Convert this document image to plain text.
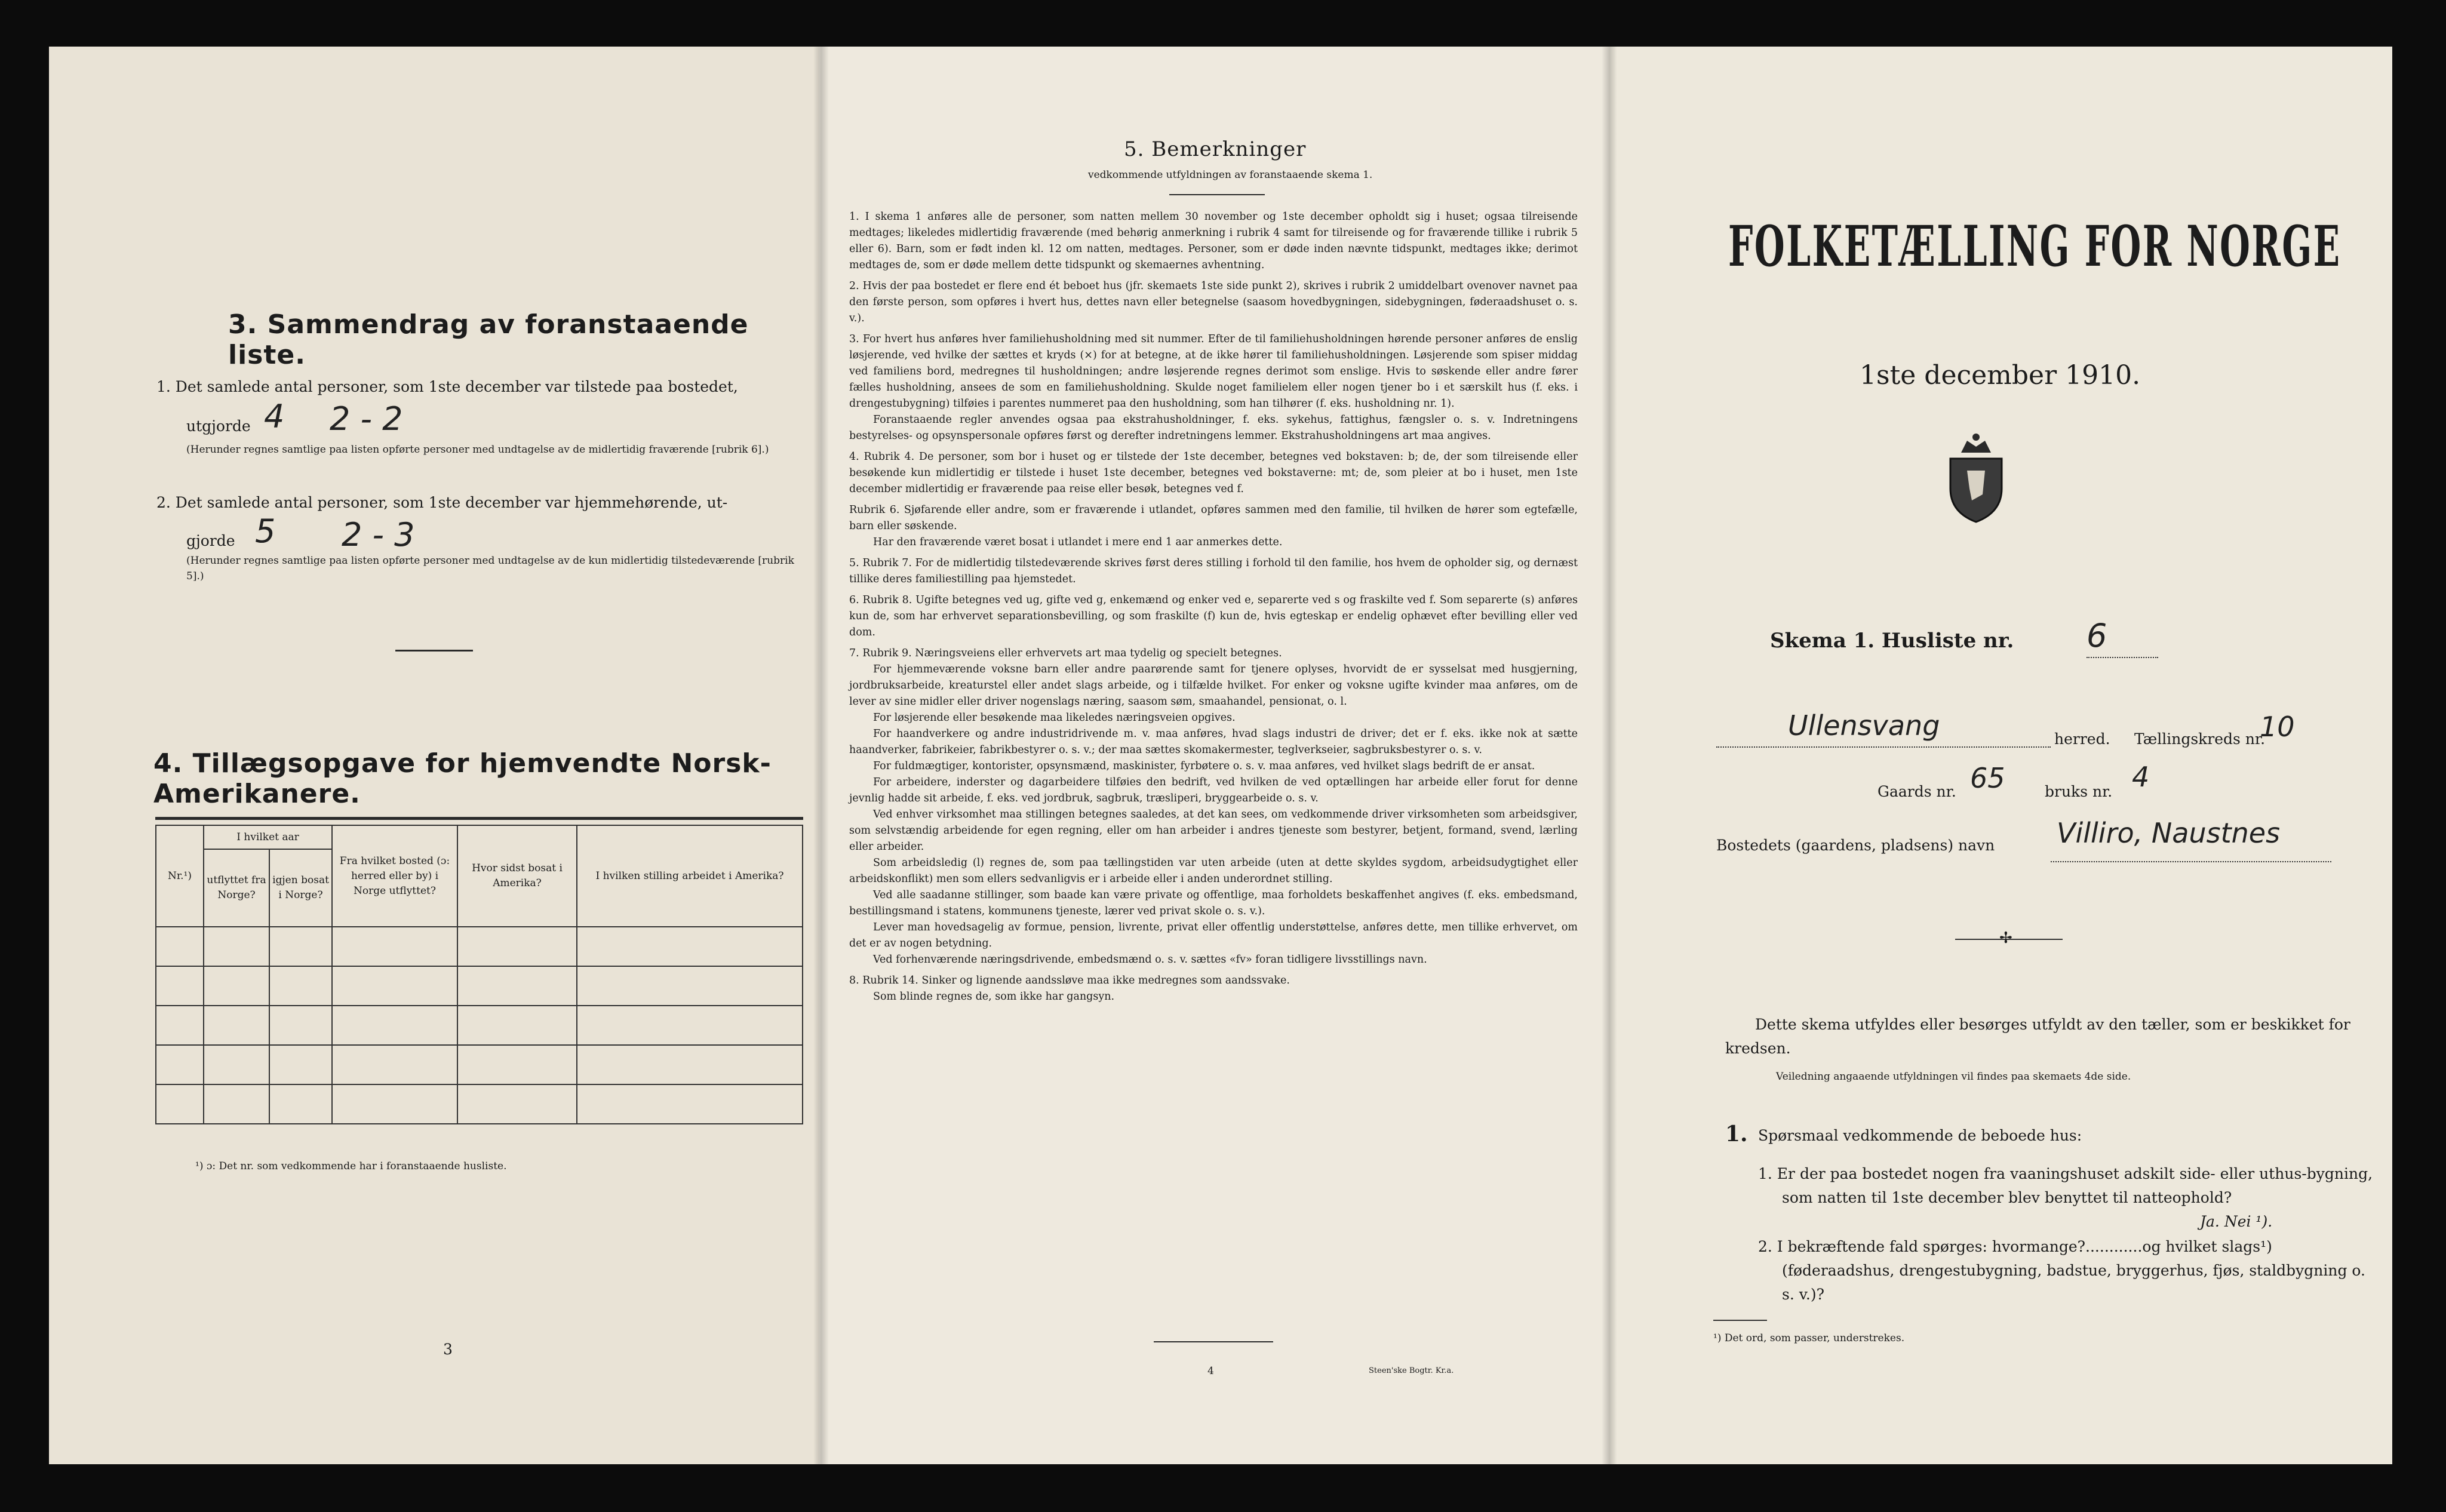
3. Sammendrag av foranstaaende liste.
1. Det samlede antal personer, som 1ste december var tilstede paa bostedet,
utgjorde 4 2 - 2
(Herunder regnes samtlige paa listen opførte personer med undtagelse av de midlertidig fraværende [rubrik 6].)
2. Det samlede antal personer, som 1ste december var hjemmehørende, ut-
gjorde 5 2 - 3
(Herunder regnes samtlige paa listen opførte personer med undtagelse av de kun midlertidig tilstedeværende [rubrik 5].)
4. Tillægsopgave for hjemvendte Norsk-Amerikanere.
Nr.¹)	I hvilket aar		Fra hvilket bosted (ɔ: herred eller by) i Norge utflyttet?	Hvor sidst bosat i Amerika?	I hvilken stilling arbeidet i Amerika?
	utflyttet fra Norge?	igjen bosat i Norge?			

¹) ɔ: Det nr. som vedkommende har i foranstaaende husliste.
3
5. Bemerkninger
vedkommende utfyldningen av foranstaaende skema 1.

1. I skema 1 anføres alle de personer, som natten mellem 30 november og 1ste december opholdt sig i huset; ogsaa tilreisende medtages; likeledes midlertidig fraværende (med behørig anmerkning i rubrik 4 samt for tilreisende og for fraværende tillike i rubrik 5 eller 6). Barn, som er født inden kl. 12 om natten, medtages. Personer, som er døde inden nævnte tidspunkt, medtages ikke; derimot medtages de, som er døde mellem dette tidspunkt og skemaernes avhentning.

2. Hvis der paa bostedet er flere end ét beboet hus (jfr. skemaets 1ste side punkt 2), skrives i rubrik 2 umiddelbart ovenover navnet paa den første person, som opføres i hvert hus, dettes navn eller betegnelse (saasom hovedbygningen, sidebygningen, føderaadshuset o. s. v.).

3. For hvert hus anføres hver familiehusholdning med sit nummer. Efter de til familiehusholdningen hørende personer anføres de enslig løsjerende, ved hvilke der sættes et kryds (×) for at betegne, at de ikke hører til familiehusholdningen. Løsjerende som spiser middag ved familiens bord, medregnes til husholdningen; andre løsjerende regnes derimot som enslige. Hvis to søskende eller andre fører fælles husholdning, ansees de som en familiehusholdning. Skulde noget familielem eller nogen tjener bo i et særskilt hus (f. eks. i drengestubygning) tilføies i parentes nummeret paa den husholdning, som han tilhører (f. eks. husholdning nr. 1).

Foranstaaende regler anvendes ogsaa paa ekstrahusholdninger, f. eks. sykehus, fattighus, fængsler o. s. v. Indretningens bestyrelses- og opsynspersonale opføres først og derefter indretningens lemmer. Ekstrahusholdningens art maa angives.

4. Rubrik 4. De personer, som bor i huset og er tilstede der 1ste december, betegnes ved bokstaven: b; de, der som tilreisende eller besøkende kun midlertidig er tilstede i huset 1ste december, betegnes ved bokstaverne: mt; de, som pleier at bo i huset, men 1ste december midlertidig er fraværende paa reise eller besøk, betegnes ved f.

Rubrik 6. Sjøfarende eller andre, som er fraværende i utlandet, opføres sammen med den familie, til hvilken de hører som egtefælle, barn eller søskende.

Har den fraværende været bosat i utlandet i mere end 1 aar anmerkes dette.

5. Rubrik 7. For de midlertidig tilstedeværende skrives først deres stilling i forhold til den familie, hos hvem de opholder sig, og dernæst tillike deres familiestilling paa hjemstedet.

6. Rubrik 8. Ugifte betegnes ved ug, gifte ved g, enkemænd og enker ved e, separerte ved s og fraskilte ved f. Som separerte (s) anføres kun de, som har erhvervet separationsbevilling, og som fraskilte (f) kun de, hvis egteskap er endelig ophævet efter bevilling eller ved dom.

7. Rubrik 9. Næringsveiens eller erhvervets art maa tydelig og specielt betegnes.

For hjemmeværende voksne barn eller andre paarørende samt for tjenere oplyses, hvorvidt de er sysselsat med husgjerning, jordbruksarbeide, kreaturstel eller andet slags arbeide, og i tilfælde hvilket. For enker og voksne ugifte kvinder maa anføres, om de lever av sine midler eller driver nogenslags næring, saasom søm, smaahandel, pensionat, o. l.

For løsjerende eller besøkende maa likeledes næringsveien opgives.

For haandverkere og andre industridrivende m. v. maa anføres, hvad slags industri de driver; det er f. eks. ikke nok at sætte haandverker, fabrikeier, fabrikbestyrer o. s. v.; der maa sættes skomakermester, teglverkseier, sagbruksbestyrer o. s. v.

For fuldmægtiger, kontorister, opsynsmænd, maskinister, fyrbøtere o. s. v. maa anføres, ved hvilket slags bedrift de er ansat.

For arbeidere, inderster og dagarbeidere tilføies den bedrift, ved hvilken de ved optællingen har arbeide eller forut for denne jevnlig hadde sit arbeide, f. eks. ved jordbruk, sagbruk, træsliperi, bryggearbeide o. s. v.

Ved enhver virksomhet maa stillingen betegnes saaledes, at det kan sees, om vedkommende driver virksomheten som arbeidsgiver, som selvstændig arbeidende for egen regning, eller om han arbeider i andres tjeneste som bestyrer, betjent, formand, svend, lærling eller arbeider.

Som arbeidsledig (l) regnes de, som paa tællingstiden var uten arbeide (uten at dette skyldes sygdom, arbeidsudygtighet eller arbeidskonflikt) men som ellers sedvanligvis er i arbeide eller i anden underordnet stilling.

Ved alle saadanne stillinger, som baade kan være private og offentlige, maa forholdets beskaffenhet angives (f. eks. embedsmand, bestillingsmand i statens, kommunens tjeneste, lærer ved privat skole o. s. v.).

Lever man hovedsagelig av formue, pension, livrente, privat eller offentlig understøttelse, anføres dette, men tillike erhvervet, om det er av nogen betydning.

Ved forhenværende næringsdrivende, embedsmænd o. s. v. sættes «fv» foran tidligere livsstillings navn.

8. Rubrik 14. Sinker og lignende aandssløve maa ikke medregnes som aandssvake.

Som blinde regnes de, som ikke har gangsyn.

4	Steen'ske Bogtr. Kr.a.
FOLKETÆLLING FOR NORGE
1ste december 1910.
Skema 1. Husliste nr. 6
Ullensvang	herred. Tællingskreds nr.
10
Gaards nr. 65	bruks nr. 4
Bostedets (gaardens, pladsens) navn Villiro, Naustnes
✢
Dette skema utfyldes eller besørges utfyldt av den tæller, som er beskikket for kredsen.
Veiledning angaaende utfyldningen vil findes paa skemaets 4de side.
1. Spørsmaal vedkommende de beboede hus:
1. Er der paa bostedet nogen fra vaaningshuset adskilt side- eller uthus-bygning, som natten til 1ste december blev benyttet til natteophold?
Ja. Nei ¹).
2. I bekræftende fald spørges: hvormange?............og hvilket slags¹) (føderaadshus, drengestubygning, badstue, bryggerhus, fjøs, staldbygning o. s. v.)?
¹) Det ord, som passer, understrekes.
